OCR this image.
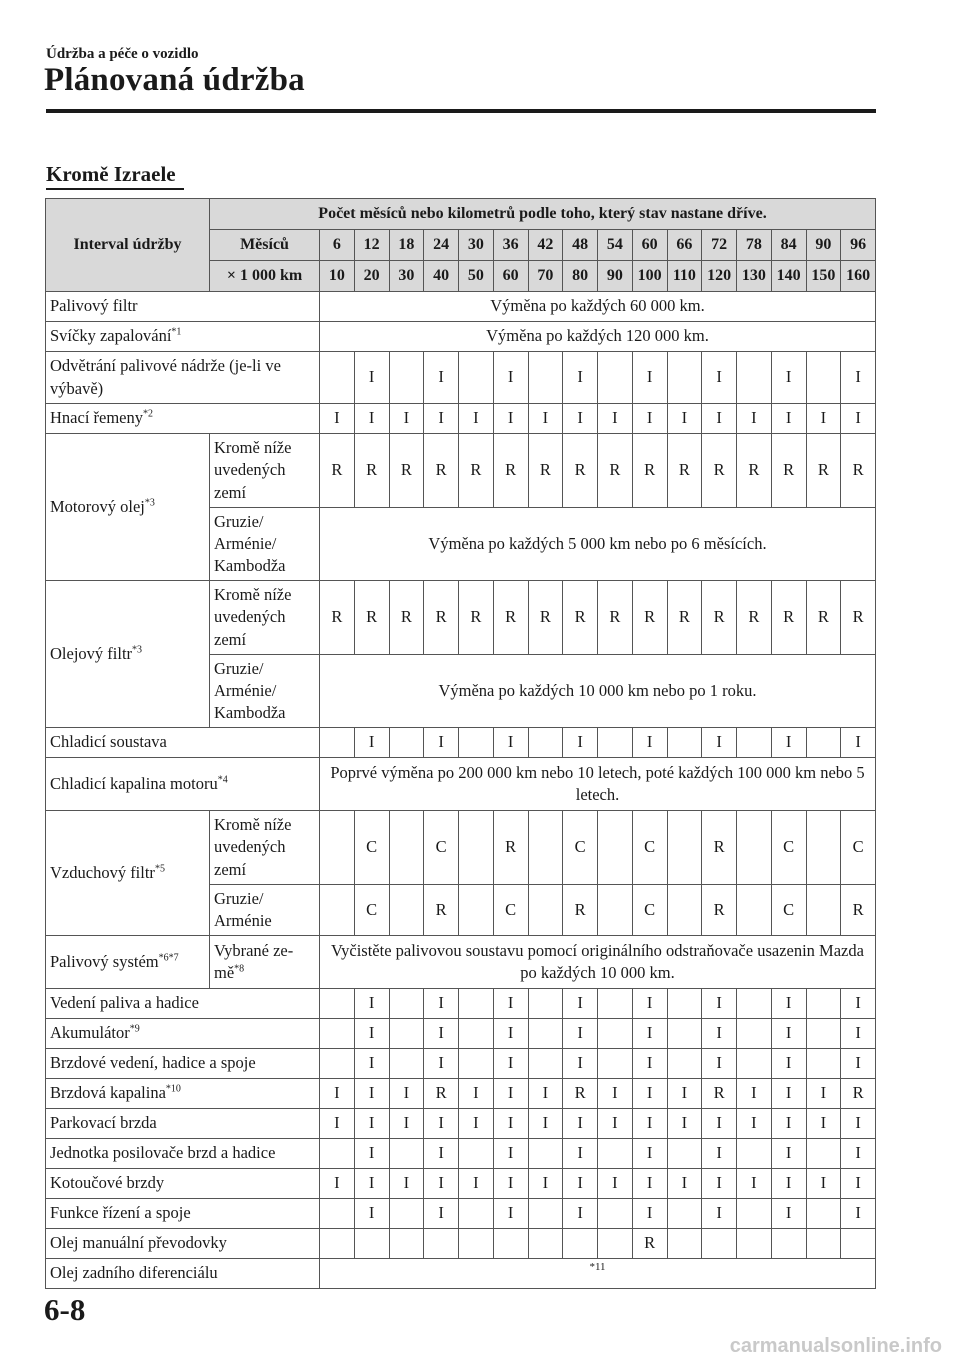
Údržba a péče o vozidlo
Plánovaná údržba
Kromě Izraele
Interval údržby	Počet měsíců nebo kilometrů podle toho, který stav nastane dříve.																
	Měsíců	6	12	18	24	30	36	42	48	54	60	66	72	78	84	90	96
	× 1 000 km	10	20	30	40	50	60	70	80	90	100	110	120	130	140	150	160
Palivový filtr		Výměna po každých 60 000 km.															
Svíčky zapalování$^{*1}$		Výměna po každých 120 000 km.															
Odvětrání palivové nádrže (je-li ve výbavě)			I		I		I		I		I		I		I		I
Hnací řemeny$^{*2}$		I	I	I	I	I	I	I	I	I	I	I	I	I	I	I	I
Motorový olej$^{*3}$	Kromě níže uvedených zemí	R	R	R	R	R	R	R	R	R	R	R	R	R	R	R	R
	Gruzie/ Arménie/ Kambodža	Výměna po každých 5 000 km nebo po 6 měsících.															
Olejový filtr$^{*3}$	Kromě níže uvedených zemí	R	R	R	R	R	R	R	R	R	R	R	R	R	R	R	R
	Gruzie/ Arménie/ Kambodža	Výměna po každých 10 000 km nebo po 1 roku.															
Chladicí soustava			I		I		I		I		I		I		I		I
Chladicí kapalina motoru$^{*4}$		Poprvé výměna po 200 000 km nebo 10 letech, poté každých 100 000 km nebo 5 letech.															
Vzduchový filtr$^{*5}$	Kromě níže uvedených zemí		C		C		R		C		C		R		C		C
	Gruzie/ Arménie		C		R		C		R		C		R		C		R
Palivový systém$^{*6*7}$	Vybrané $ze-mě^{*8}$	Vyčistěte palivovou soustavu pomocí originálního odstraňovače usazenin Mazda po každých 10 000 km.															
Vedení paliva a hadice			I		I		I		I		I		I		I		I
Akumulátor$^{*9}$			I		I		I		I		I		I		I		I
Brzdové vedení, hadice a spoje			I		I		I		I		I		I		I		I
Brzdová kapalina$^{*10}$		I	I	I	R	I	I	I	R	I	I	I	R	I	I	I	R
Parkovací brzda		I	I	I	I	I	I	I	I	I	I	I	I	I	I	I	I
Jednotka posilovače brzd a hadice			I		I		I		I		I		I		I		I
Kotoučové brzdy		I	I	I	I	I	I	I	I	I	I	I	I	I	I	I	I
Funkce řízení a spoje			I		I		I		I		I		I		I		I
Olej manuální převodovky											R						
Olej zadního diferenciálu		$^{*11}$
6-8
carmanualsonline.info
